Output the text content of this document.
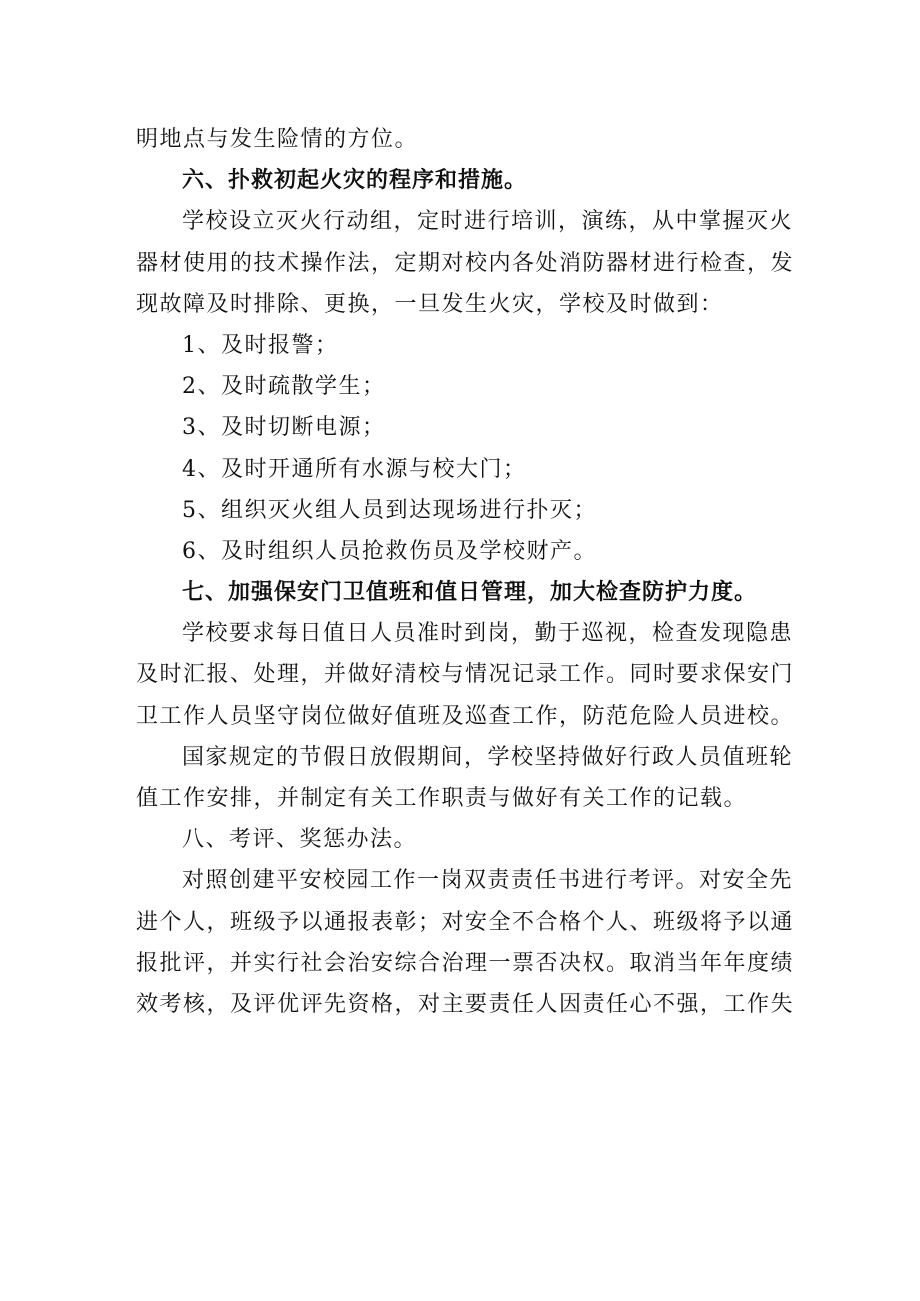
明地点与发生险情的方位。

六、扑救初起火灾的程序和措施。

学校设立灭火行动组，定时进行培训，演练，从中掌握灭火

器材使用的技术操作法，定期对校内各处消防器材进行检查，发

现故障及时排除、更换，一旦发生火灾，学校及时做到：

1、及时报警；

2、及时疏散学生；

3、及时切断电源；

4、及时开通所有水源与校大门；

5、组织灭火组人员到达现场进行扑灭；

6、及时组织人员抢救伤员及学校财产。

七、加强保安门卫值班和值日管理，加大检查防护力度。

学校要求每日值日人员准时到岗，勤于巡视，检查发现隐患

及时汇报、处理，并做好清校与情况记录工作。同时要求保安门

卫工作人员坚守岗位做好值班及巡查工作，防范危险人员进校。

国家规定的节假日放假期间，学校坚持做好行政人员值班轮

值工作安排，并制定有关工作职责与做好有关工作的记载。

八、考评、奖惩办法。

对照创建平安校园工作一岗双责责任书进行考评。对安全先

进个人，班级予以通报表彰；对安全不合格个人、班级将予以通

报批评，并实行社会治安综合治理一票否决权。取消当年年度绩

效考核，及评优评先资格，对主要责任人因责任心不强，工作失
